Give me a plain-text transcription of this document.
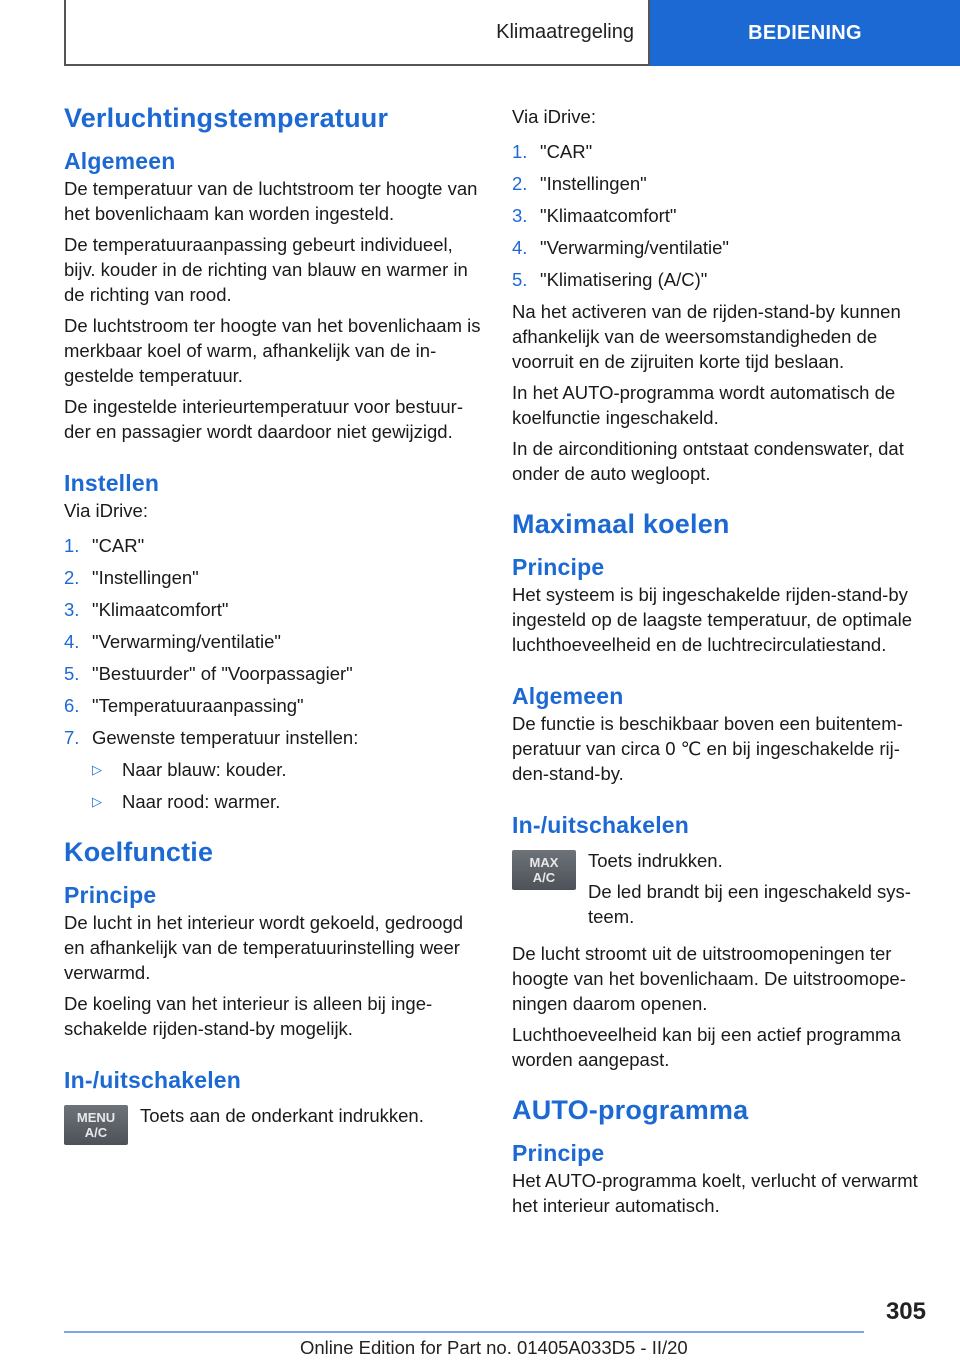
Klimaatregeling	BEDIENING
Verluchtingstemperatuur
Algemeen

De temperatuur van de luchtstroom ter hoogte van het bovenlichaam kan worden ingesteld.

De temperatuuraanpassing gebeurt individueel, bijv. kouder in de richting van blauw en warmer in de richting van rood.

De luchtstroom ter hoogte van het bovenlichaam is merkbaar koel of warm, afhankelijk van de ingestelde temperatuur.

De ingestelde interieurtemperatuur voor bestuurder en passagier wordt daardoor niet gewijzigd.

Instellen

Via iDrive:

1. "CAR"
2. "Instellingen"
3. "Klimaatcomfort"
4. "Verwarming/ventilatie"
5. "Bestuurder" of "Voorpassagier"
6. "Temperatuuraanpassing"
7. Gewenste temperatuur instellen:
▷	Naar blauw: kouder.
▷	Naar rood: warmer.
Koelfunctie
Principe

De lucht in het interieur wordt gekoeld, gedroogd en afhankelijk van de temperatuurinstelling weer verwarmd.

De koeling van het interieur is alleen bij ingeschakelde rijden-stand-by mogelijk.

In-/uitschakelen
MENU
A/C

Toets aan de onderkant indrukken.

Via iDrive:

1. "CAR"
2. "Instellingen"
3. "Klimaatcomfort"
4. "Verwarming/ventilatie"
5. "Klimatisering (A/C)"

Na het activeren van de rijden-stand-by kunnen afhankelijk van de weersomstandigheden de voorruit en de zijruiten korte tijd beslaan.

In het AUTO-programma wordt automatisch de koelfunctie ingeschakeld.

In de airconditioning ontstaat condenswater, dat onder de auto wegloopt.

Maximaal koelen
Principe

Het systeem is bij ingeschakelde rijden-stand-by ingesteld op de laagste temperatuur, de optimale luchthoeveelheid en de luchtrecirculatiestand.

Algemeen

De functie is beschikbaar boven een buitentemperatuur van circa 0 ℃ en bij ingeschakelde rijden-stand-by.

In-/uitschakelen
MAX
A/C

Toets indrukken.

De led brandt bij een ingeschakeld systeem.

De lucht stroomt uit de uitstroomopeningen ter hoogte van het bovenlichaam. De uitstroomopeningen daarom openen.

Luchthoeveelheid kan bij een actief programma worden aangepast.

AUTO-programma
Principe

Het AUTO-programma koelt, verlucht of verwarmt het interieur automatisch.

305
Online Edition for Part no. 01405A033D5 - II/20
